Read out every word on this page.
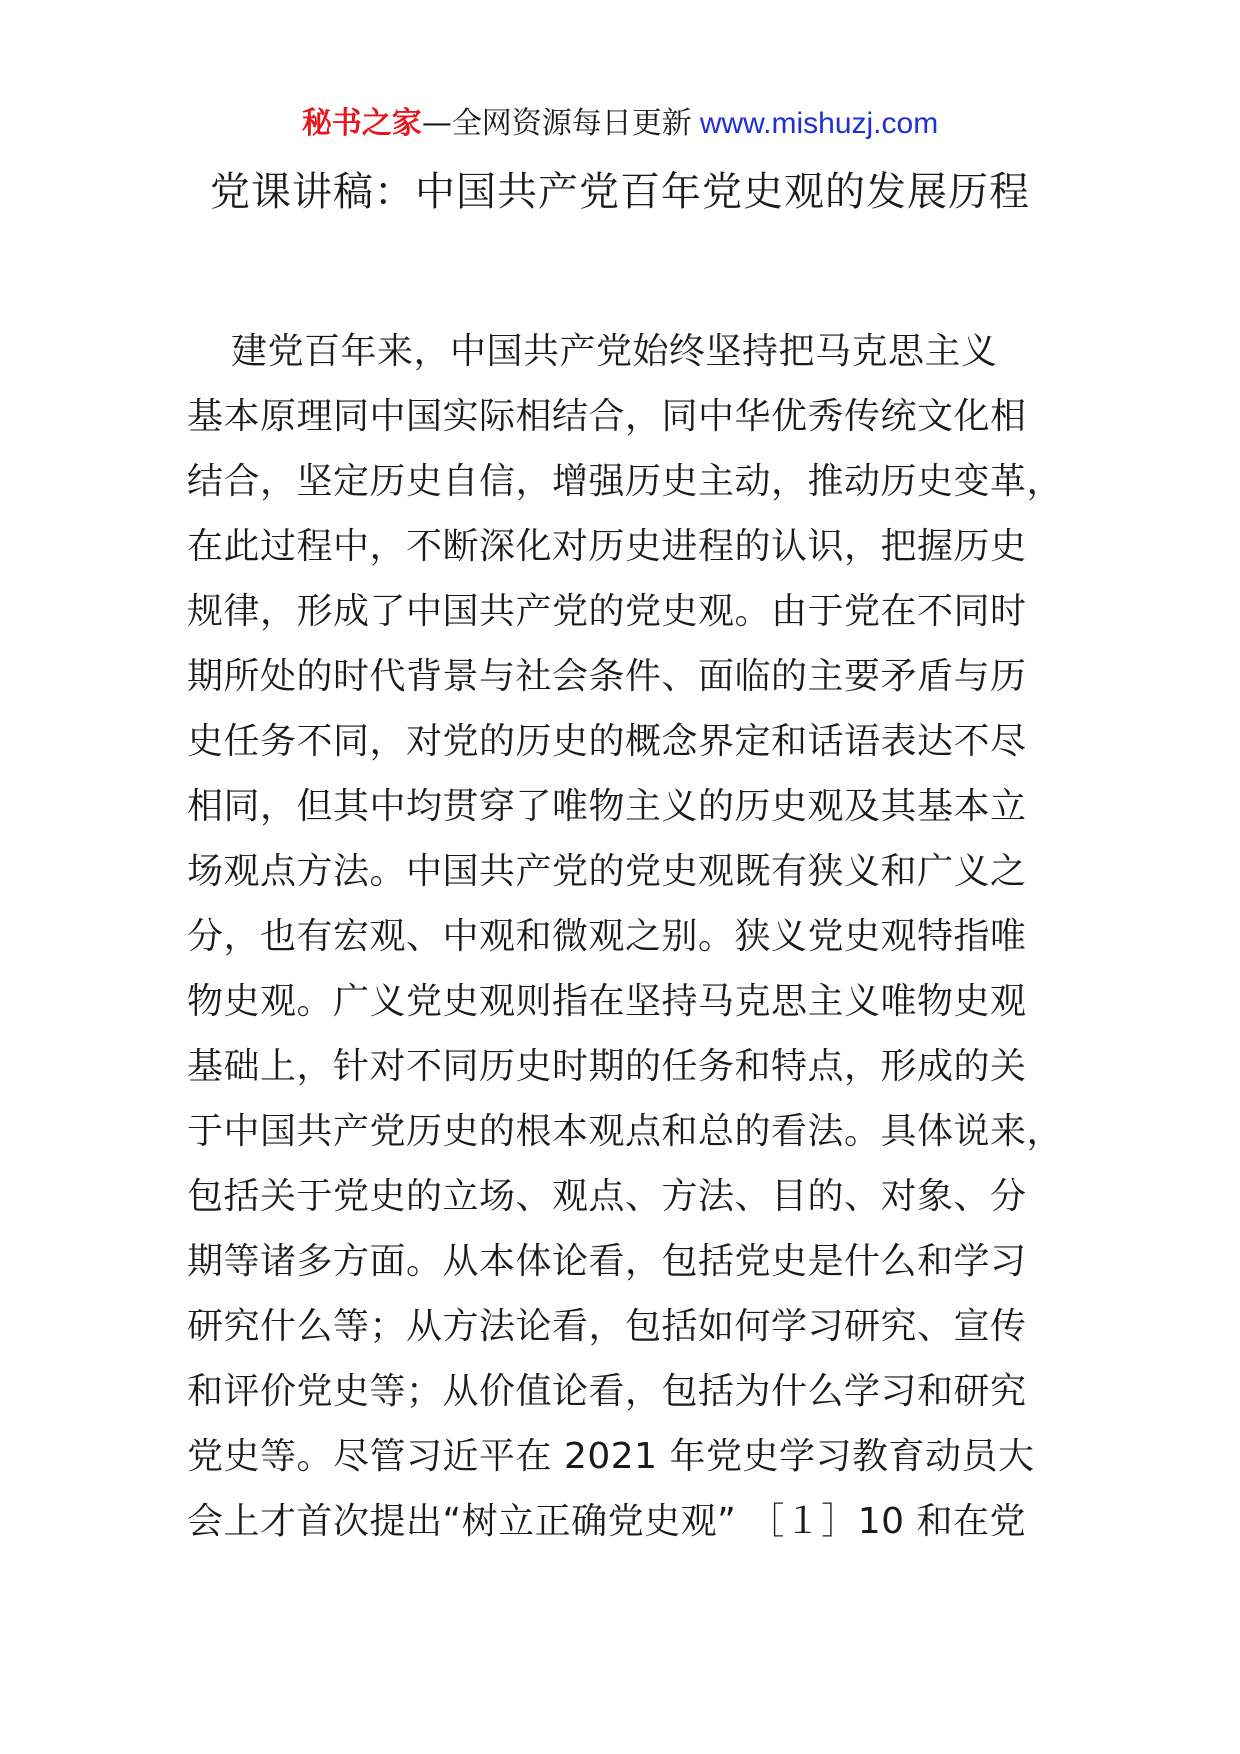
秘书之家—全网资源每日更新 www.mishuzj.com
党课讲稿：中国共产党百年党史观的发展历程
建党百年来，中国共产党始终坚持把马克思主义
基本原理同中国实际相结合，同中华优秀传统文化相
结合，坚定历史自信，增强历史主动，推动历史变革，
在此过程中，不断深化对历史进程的认识，把握历史
规律，形成了中国共产党的党史观。由于党在不同时
期所处的时代背景与社会条件、面临的主要矛盾与历
史任务不同，对党的历史的概念界定和话语表达不尽
相同，但其中均贯穿了唯物主义的历史观及其基本立
场观点方法。中国共产党的党史观既有狭义和广义之
分，也有宏观、中观和微观之别。狭义党史观特指唯
物史观。广义党史观则指在坚持马克思主义唯物史观
基础上，针对不同历史时期的任务和特点，形成的关
于中国共产党历史的根本观点和总的看法。具体说来，
包括关于党史的立场、观点、方法、目的、对象、分
期等诸多方面。从本体论看，包括党史是什么和学习
研究什么等；从方法论看，包括如何学习研究、宣传
和评价党史等；从价值论看，包括为什么学习和研究
党史等。尽管习近平在 2021 年党史学习教育动员大
会上才首次提出“树立正确党史观” ［１］10 和在党
